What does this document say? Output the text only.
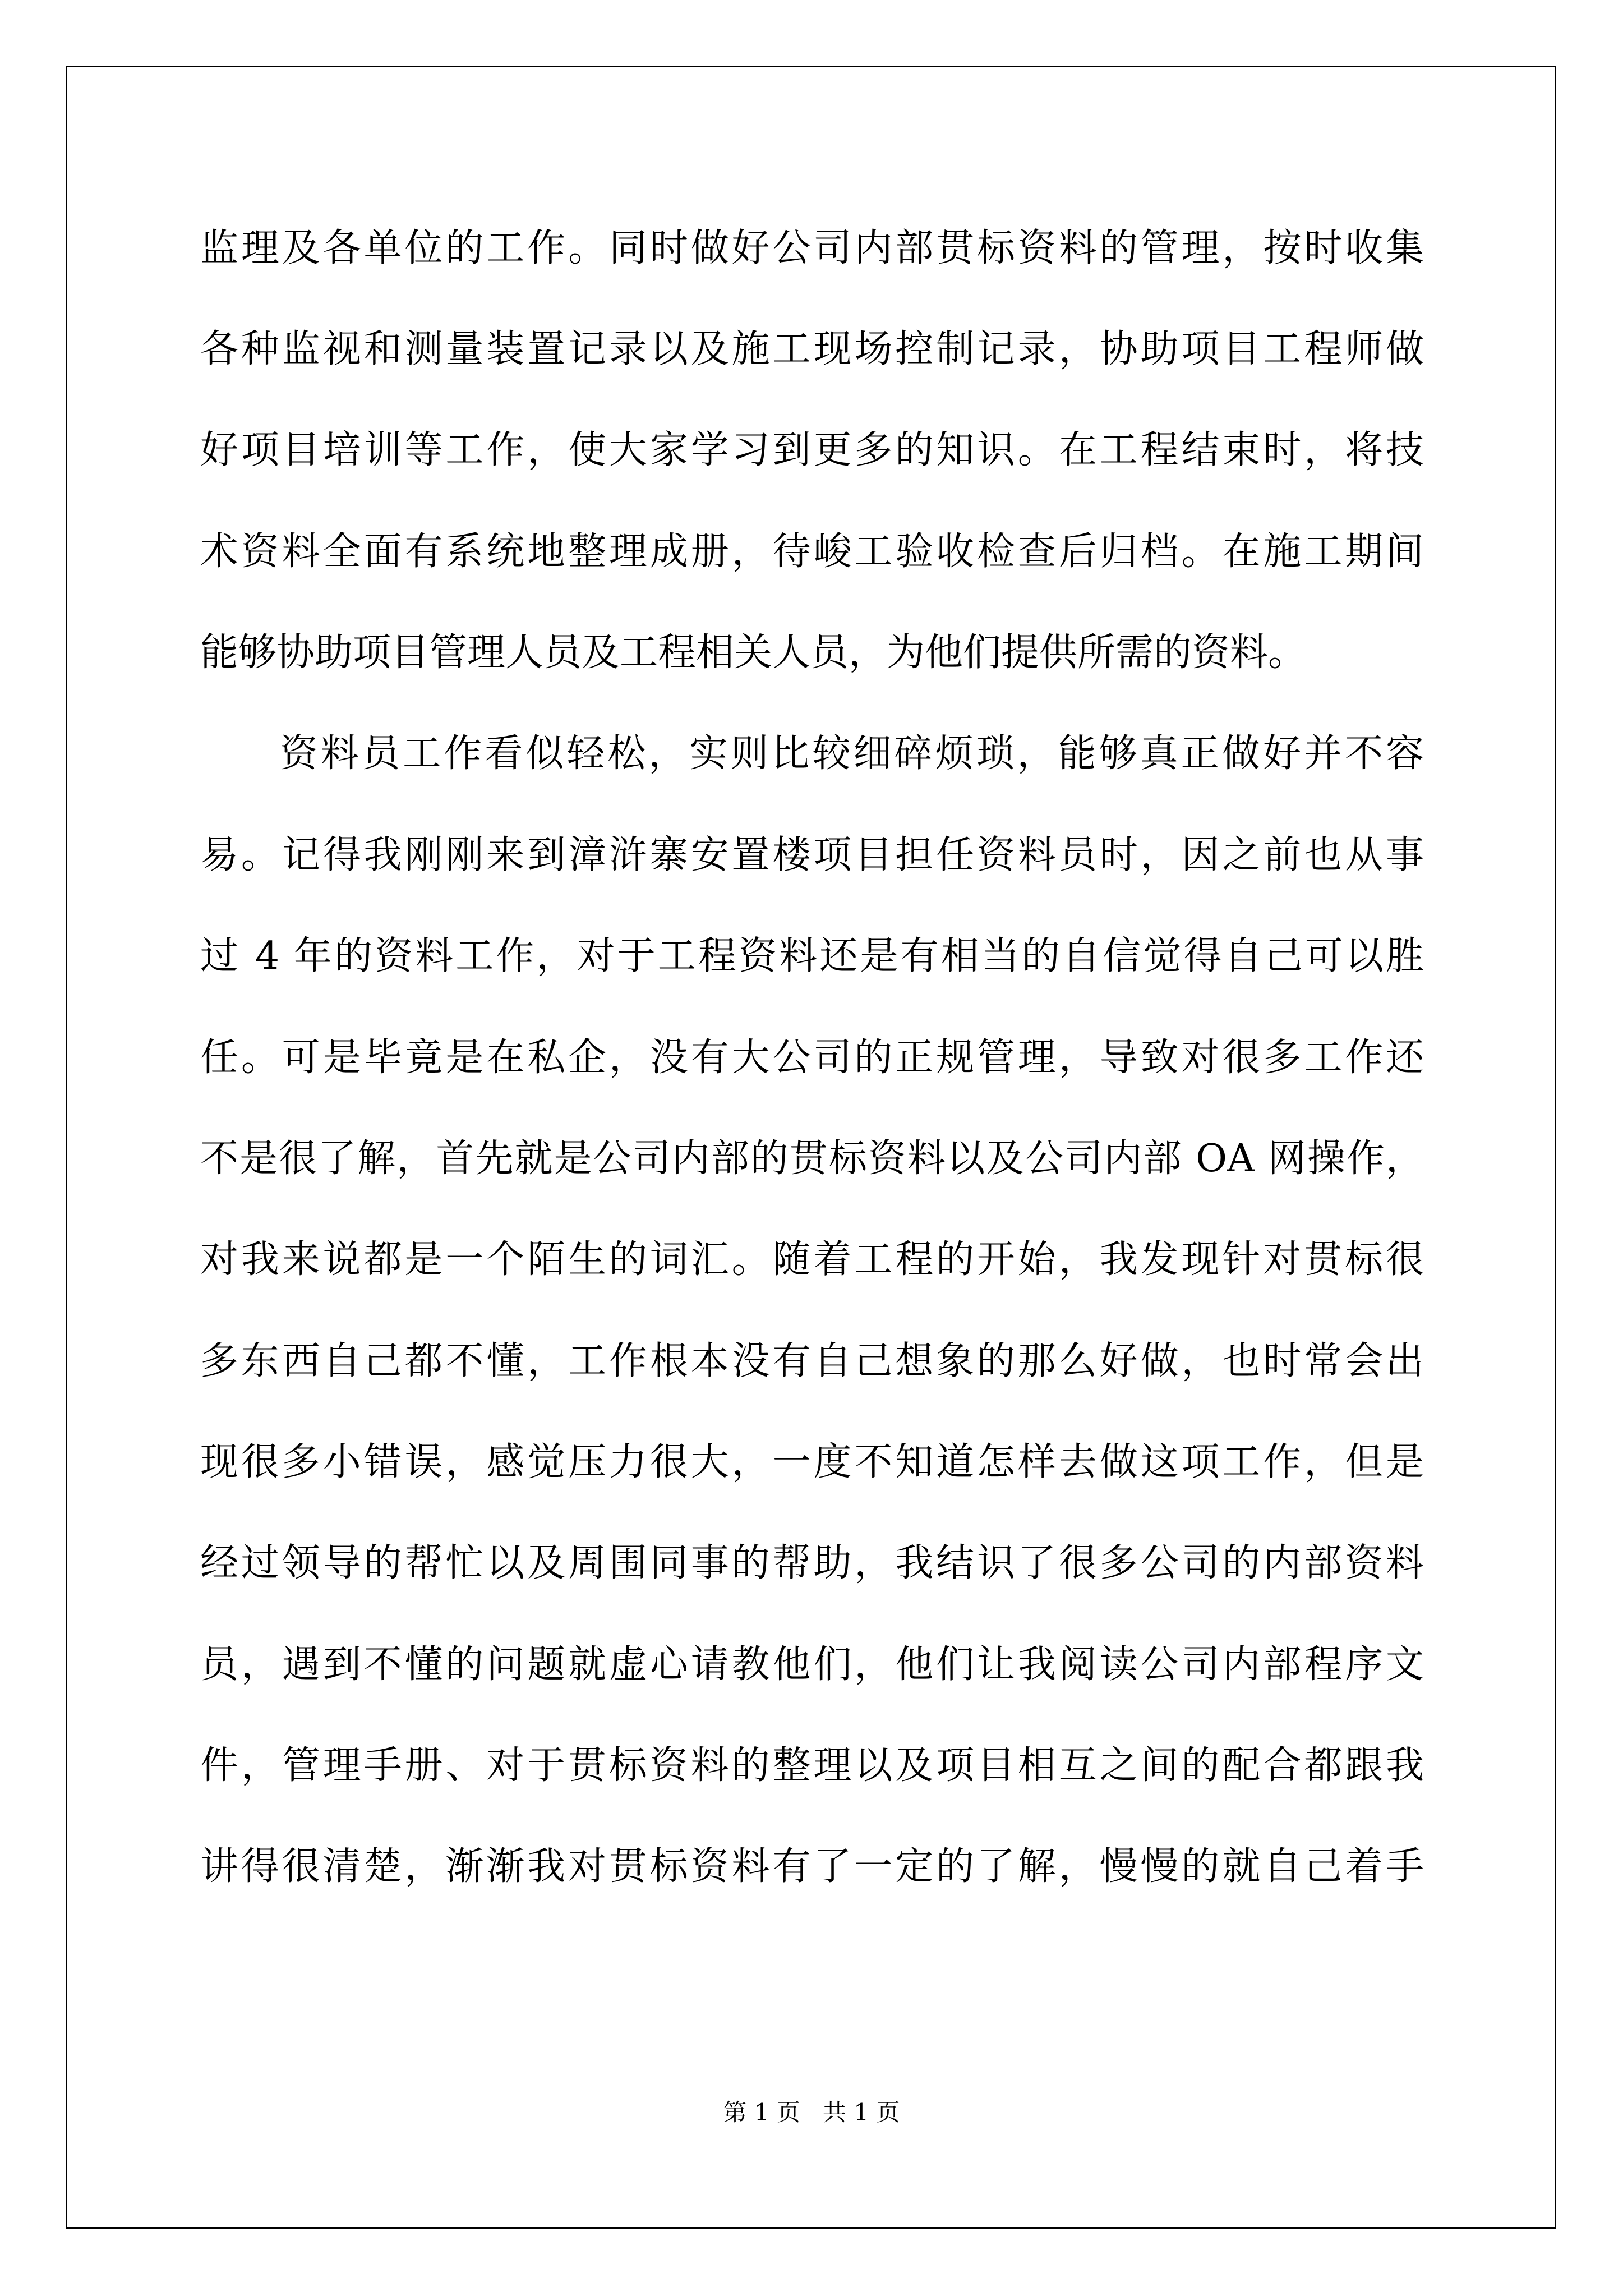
监理及各单位的工作。同时做好公司内部贯标资料的管理，按时收集
各种监视和测量装置记录以及施工现场控制记录，协助项目工程师做
好项目培训等工作，使大家学习到更多的知识。在工程结束时，将技
术资料全面有系统地整理成册，待峻工验收检查后归档。在施工期间
能够协助项目管理人员及工程相关人员，为他们提供所需的资料。
资料员工作看似轻松，实则比较细碎烦琐，能够真正做好并不容
易。记得我刚刚来到漳浒寨安置楼项目担任资料员时，因之前也从事
过 4 年的资料工作，对于工程资料还是有相当的自信觉得自己可以胜
任。可是毕竟是在私企，没有大公司的正规管理，导致对很多工作还
不是很了解，首先就是公司内部的贯标资料以及公司内部 OA 网操作，
对我来说都是一个陌生的词汇。随着工程的开始，我发现针对贯标很
多东西自己都不懂，工作根本没有自己想象的那么好做，也时常会出
现很多小错误，感觉压力很大，一度不知道怎样去做这项工作，但是
经过领导的帮忙以及周围同事的帮助，我结识了很多公司的内部资料
员，遇到不懂的问题就虚心请教他们，他们让我阅读公司内部程序文
件，管理手册、对于贯标资料的整理以及项目相互之间的配合都跟我
讲得很清楚，渐渐我对贯标资料有了一定的了解，慢慢的就自己着手
第 1 页   共 1 页
